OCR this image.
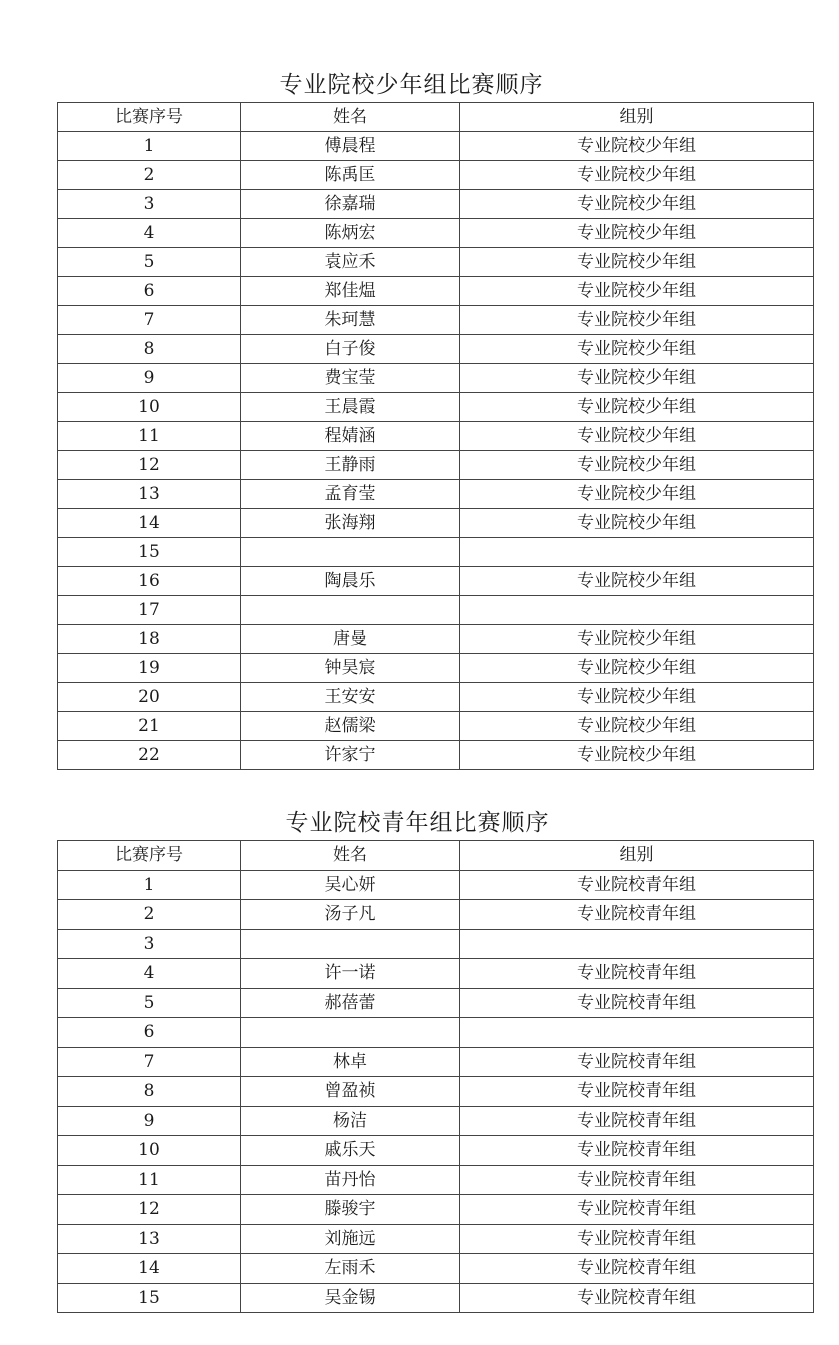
专业院校少年组比赛顺序
比赛序号	姓名	组别
1	傅晨程	专业院校少年组
2	陈禹匡	专业院校少年组
3	徐嘉瑞	专业院校少年组
4	陈炳宏	专业院校少年组
5	袁应禾	专业院校少年组
6	郑佳煴	专业院校少年组
7	朱珂慧	专业院校少年组
8	白子俊	专业院校少年组
9	费宝莹	专业院校少年组
10	王晨霞	专业院校少年组
11	程婧涵	专业院校少年组
12	王静雨	专业院校少年组
13	孟育莹	专业院校少年组
14	张海翔	专业院校少年组
15		
16	陶晨乐	专业院校少年组
17		
18	唐曼	专业院校少年组
19	钟昊宸	专业院校少年组
20	王安安	专业院校少年组
21	赵儒梁	专业院校少年组
22	许家宁	专业院校少年组
专业院校青年组比赛顺序
比赛序号	姓名	组别
1	吴心妍	专业院校青年组
2	汤子凡	专业院校青年组
3		
4	许一诺	专业院校青年组
5	郝蓓蕾	专业院校青年组
6		
7	林卓	专业院校青年组
8	曾盈祯	专业院校青年组
9	杨洁	专业院校青年组
10	戚乐天	专业院校青年组
11	苗丹怡	专业院校青年组
12	滕骏宇	专业院校青年组
13	刘施远	专业院校青年组
14	左雨禾	专业院校青年组
15	吴金锡	专业院校青年组
